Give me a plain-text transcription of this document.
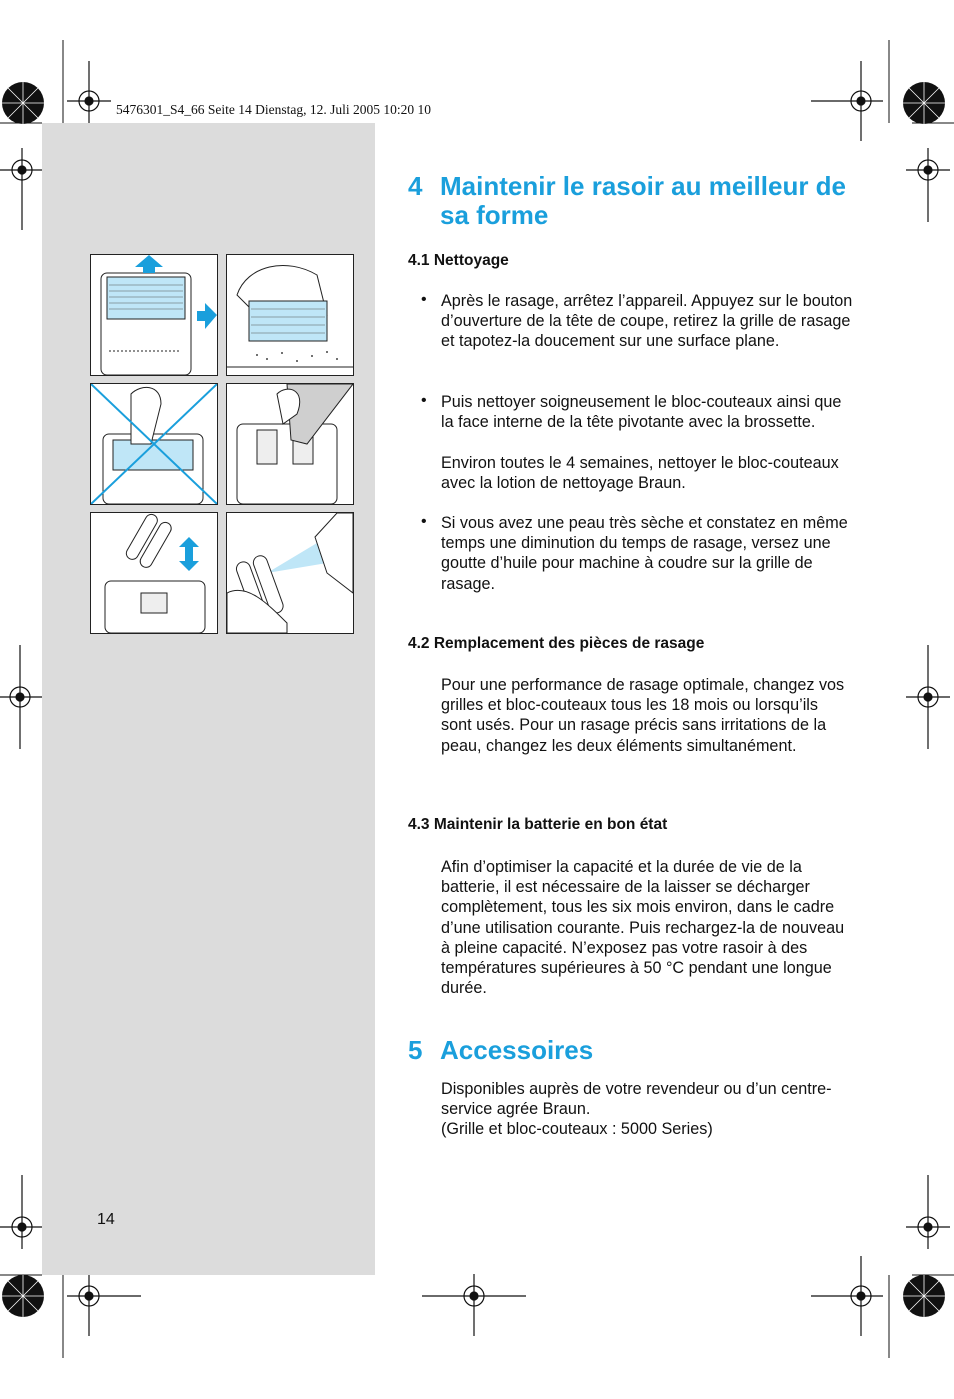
5476301_S4_66 Seite 14 Dienstag, 12. Juli 2005 10:20 10
4 Maintenir le rasoir au meilleur de sa forme
4.1 Nettoyage
• Après le rasage, arrêtez l’appareil. Appuyez sur le bouton d’ouverture de la tête de coupe, retirez la grille de rasage et tapotez-la doucement sur une surface plane.
• Puis nettoyer soigneusement le bloc-couteaux ainsi que la face interne de la tête pivotante avec la brossette.
Environ toutes le 4 semaines, nettoyer le bloc-couteaux avec la lotion de nettoyage Braun.
• Si vous avez une peau très sèche et constatez en même temps une diminution du temps de rasage, versez une goutte d’huile pour machine à coudre sur la grille de rasage.
4.2 Remplacement des pièces de rasage
Pour une performance de rasage optimale, changez vos grilles et bloc-couteaux tous les 18 mois ou lorsqu’ils sont usés. Pour un rasage précis sans irritations de la peau, changez les deux éléments simultanément.
4.3 Maintenir la batterie en bon état
Afin d’optimiser la capacité et la durée de vie de la batterie, il est nécessaire de la laisser se décharger complètement, tous les six mois environ, dans le cadre d’une utilisation courante. Puis rechargez-la de nouveau à pleine capacité. N’exposez pas votre rasoir à des températures supérieures à 50 °C pendant une longue durée.
5 Accessoires
Disponibles auprès de votre revendeur ou d’un centre-service agrée Braun.
(Grille et bloc-couteaux : 5000 Series)
14
